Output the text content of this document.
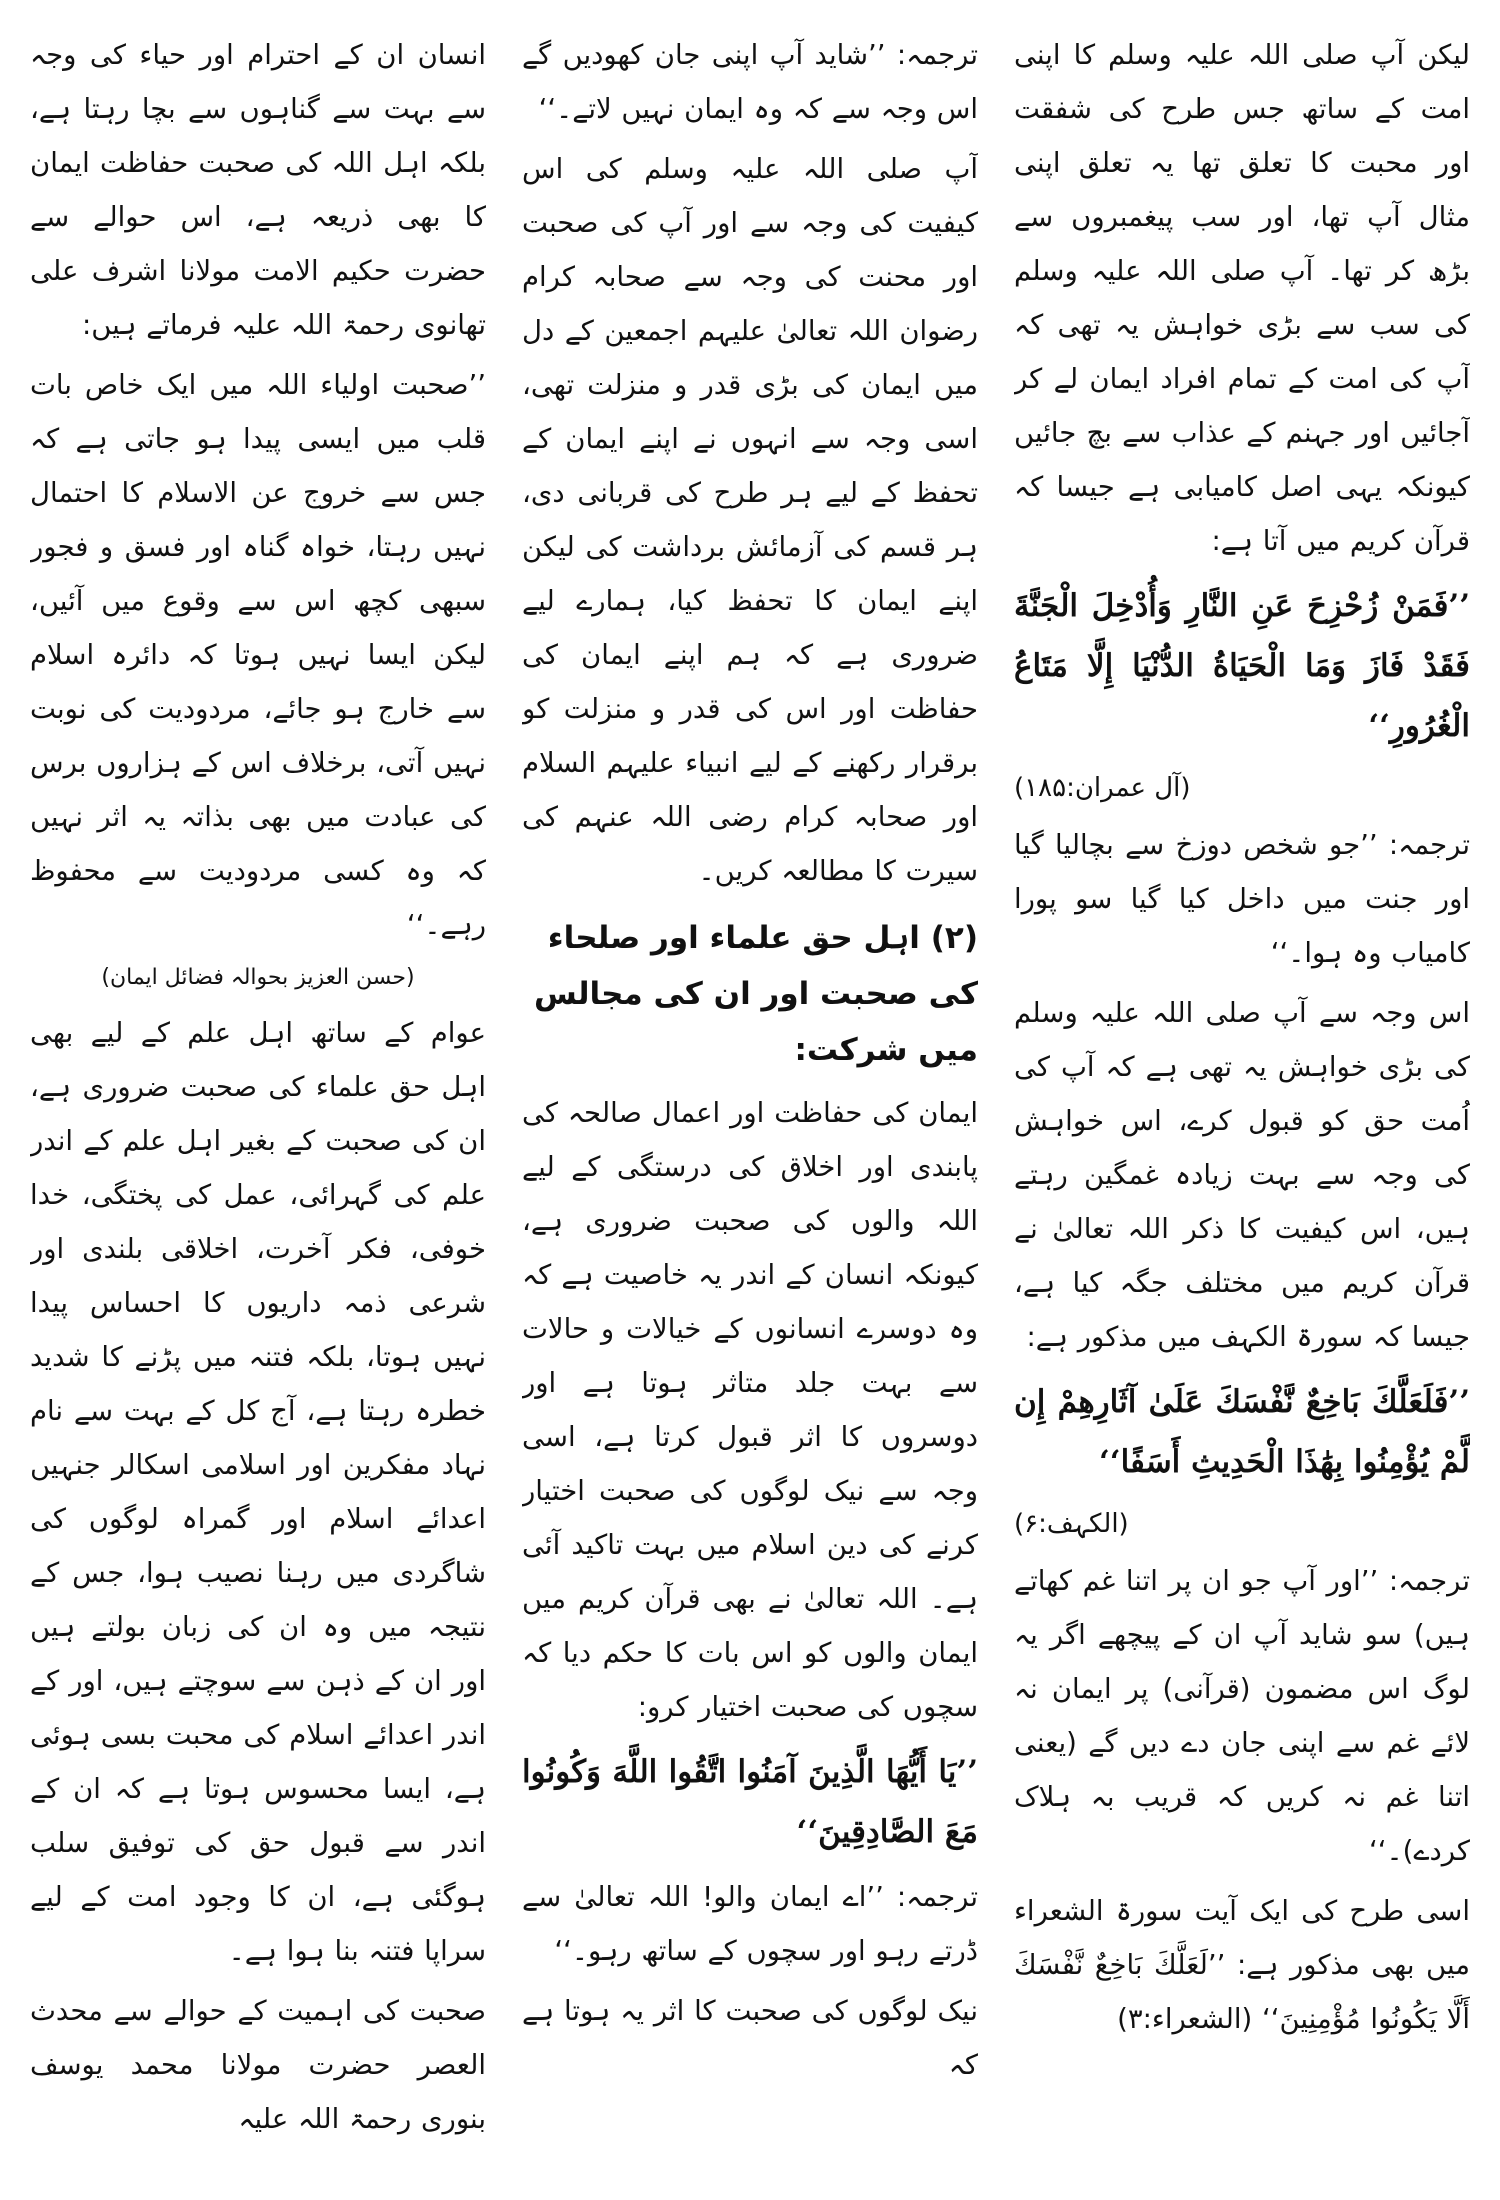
لیکن آپ صلی اللہ علیہ وسلم کا اپنی امت کے ساتھ جس طرح کی شفقت اور محبت کا تعلق تھا یہ تعلق اپنی مثال آپ تھا، اور سب پیغمبروں سے بڑھ کر تھا۔ آپ صلی اللہ علیہ وسلم کی سب سے بڑی خواہش یہ تھی کہ آپ کی امت کے تمام افراد ایمان لے کر آجائیں اور جہنم کے عذاب سے بچ جائیں کیونکہ یہی اصل کامیابی ہے جیسا کہ قرآن کریم میں آتا ہے:

’’فَمَنْ زُحْزِحَ عَنِ النَّارِ وَأُدْخِلَ الْجَنَّةَ فَقَدْ فَازَ وَمَا الْحَيَاةُ الدُّنْيَا إِلَّا مَتَاعُ الْغُرُورِ‘‘

(آل عمران:۱۸۵)

ترجمہ: ’’جو شخص دوزخ سے بچالیا گیا اور جنت میں داخل کیا گیا سو پورا کامیاب وہ ہوا۔‘‘

اس وجہ سے آپ صلی اللہ علیہ وسلم کی بڑی خواہش یہ تھی ہے کہ آپ کی اُمت حق کو قبول کرے، اس خواہش کی وجہ سے بہت زیادہ غمگین رہتے ہیں، اس کیفیت کا ذکر اللہ تعالیٰ نے قرآن کریم میں مختلف جگہ کیا ہے، جیسا کہ سورۃ الکہف میں مذکور ہے:

’’فَلَعَلَّكَ بَاخِعٌ نَّفْسَكَ عَلَىٰ آثَارِهِمْ إِن لَّمْ يُؤْمِنُوا بِهَٰذَا الْحَدِيثِ أَسَفًا‘‘

(الکہف:۶)

ترجمہ: ’’اور آپ جو ان پر اتنا غم کھاتے ہیں) سو شاید آپ ان کے پیچھے اگر یہ لوگ اس مضمون (قرآنی) پر ایمان نہ لائے غم سے اپنی جان دے دیں گے (یعنی اتنا غم نہ کریں کہ قریب بہ ہلاک کردے)۔‘‘

اسی طرح کی ایک آیت سورۃ الشعراء میں بھی مذکور ہے: ’’لَعَلَّكَ بَاخِعٌ نَّفْسَكَ أَلَّا يَكُونُوا مُؤْمِنِينَ‘‘ (الشعراء:۳)

ترجمہ: ’’شاید آپ اپنی جان کھودیں گے اس وجہ سے کہ وہ ایمان نہیں لاتے۔‘‘

آپ صلی اللہ علیہ وسلم کی اس کیفیت کی وجہ سے اور آپ کی صحبت اور محنت کی وجہ سے صحابہ کرام رضوان اللہ تعالیٰ علیہم اجمعین کے دل میں ایمان کی بڑی قدر و منزلت تھی، اسی وجہ سے انہوں نے اپنے ایمان کے تحفظ کے لیے ہر طرح کی قربانی دی، ہر قسم کی آزمائش برداشت کی لیکن اپنے ایمان کا تحفظ کیا، ہمارے لیے ضروری ہے کہ ہم اپنے ایمان کی حفاظت اور اس کی قدر و منزلت کو برقرار رکھنے کے لیے انبیاء علیہم السلام اور صحابہ کرام رضی اللہ عنہم کی سیرت کا مطالعہ کریں۔

(۲) اہل حق علماء اور صلحاء کی صحبت اور ان کی مجالس میں شرکت:

ایمان کی حفاظت اور اعمال صالحہ کی پابندی اور اخلاق کی درستگی کے لیے اللہ والوں کی صحبت ضروری ہے، کیونکہ انسان کے اندر یہ خاصیت ہے کہ وہ دوسرے انسانوں کے خیالات و حالات سے بہت جلد متاثر ہوتا ہے اور دوسروں کا اثر قبول کرتا ہے، اسی وجہ سے نیک لوگوں کی صحبت اختیار کرنے کی دین اسلام میں بہت تاکید آئی ہے۔ اللہ تعالیٰ نے بھی قرآن کریم میں ایمان والوں کو اس بات کا حکم دیا کہ سچوں کی صحبت اختیار کرو:

’’يَا أَيُّهَا الَّذِينَ آمَنُوا اتَّقُوا اللَّهَ وَكُونُوا مَعَ الصَّادِقِينَ‘‘

ترجمہ: ’’اے ایمان والو! اللہ تعالیٰ سے ڈرتے رہو اور سچوں کے ساتھ رہو۔‘‘

نیک لوگوں کی صحبت کا اثر یہ ہوتا ہے کہ

انسان ان کے احترام اور حیاء کی وجہ سے بہت سے گناہوں سے بچا رہتا ہے، بلکہ اہل اللہ کی صحبت حفاظت ایمان کا بھی ذریعہ ہے، اس حوالے سے حضرت حکیم الامت مولانا اشرف علی تھانوی رحمۃ اللہ علیہ فرماتے ہیں:

’’صحبت اولیاء اللہ میں ایک خاص بات قلب میں ایسی پیدا ہو جاتی ہے کہ جس سے خروج عن الاسلام کا احتمال نہیں رہتا، خواہ گناہ اور فسق و فجور سبھی کچھ اس سے وقوع میں آئیں، لیکن ایسا نہیں ہوتا کہ دائرہ اسلام سے خارج ہو جائے، مردودیت کی نوبت نہیں آتی، برخلاف اس کے ہزاروں برس کی عبادت میں بھی بذاتہ یہ اثر نہیں کہ وہ کسی مردودیت سے محفوظ رہے۔‘‘

(حسن العزیز بحوالہ فضائل ایمان)

عوام کے ساتھ اہل علم کے لیے بھی اہل حق علماء کی صحبت ضروری ہے، ان کی صحبت کے بغیر اہل علم کے اندر علم کی گہرائی، عمل کی پختگی، خدا خوفی، فکر آخرت، اخلاقی بلندی اور شرعی ذمہ داریوں کا احساس پیدا نہیں ہوتا، بلکہ فتنہ میں پڑنے کا شدید خطرہ رہتا ہے، آج کل کے بہت سے نام نہاد مفکرین اور اسلامی اسکالر جنہیں اعدائے اسلام اور گمراہ لوگوں کی شاگردی میں رہنا نصیب ہوا، جس کے نتیجہ میں وہ ان کی زبان بولتے ہیں اور ان کے ذہن سے سوچتے ہیں، اور کے اندر اعدائے اسلام کی محبت بسی ہوئی ہے، ایسا محسوس ہوتا ہے کہ ان کے اندر سے قبول حق کی توفیق سلب ہوگئی ہے، ان کا وجود امت کے لیے سراپا فتنہ بنا ہوا ہے۔

صحبت کی اہمیت کے حوالے سے محدث العصر حضرت مولانا محمد یوسف بنوری رحمۃ اللہ علیہ
